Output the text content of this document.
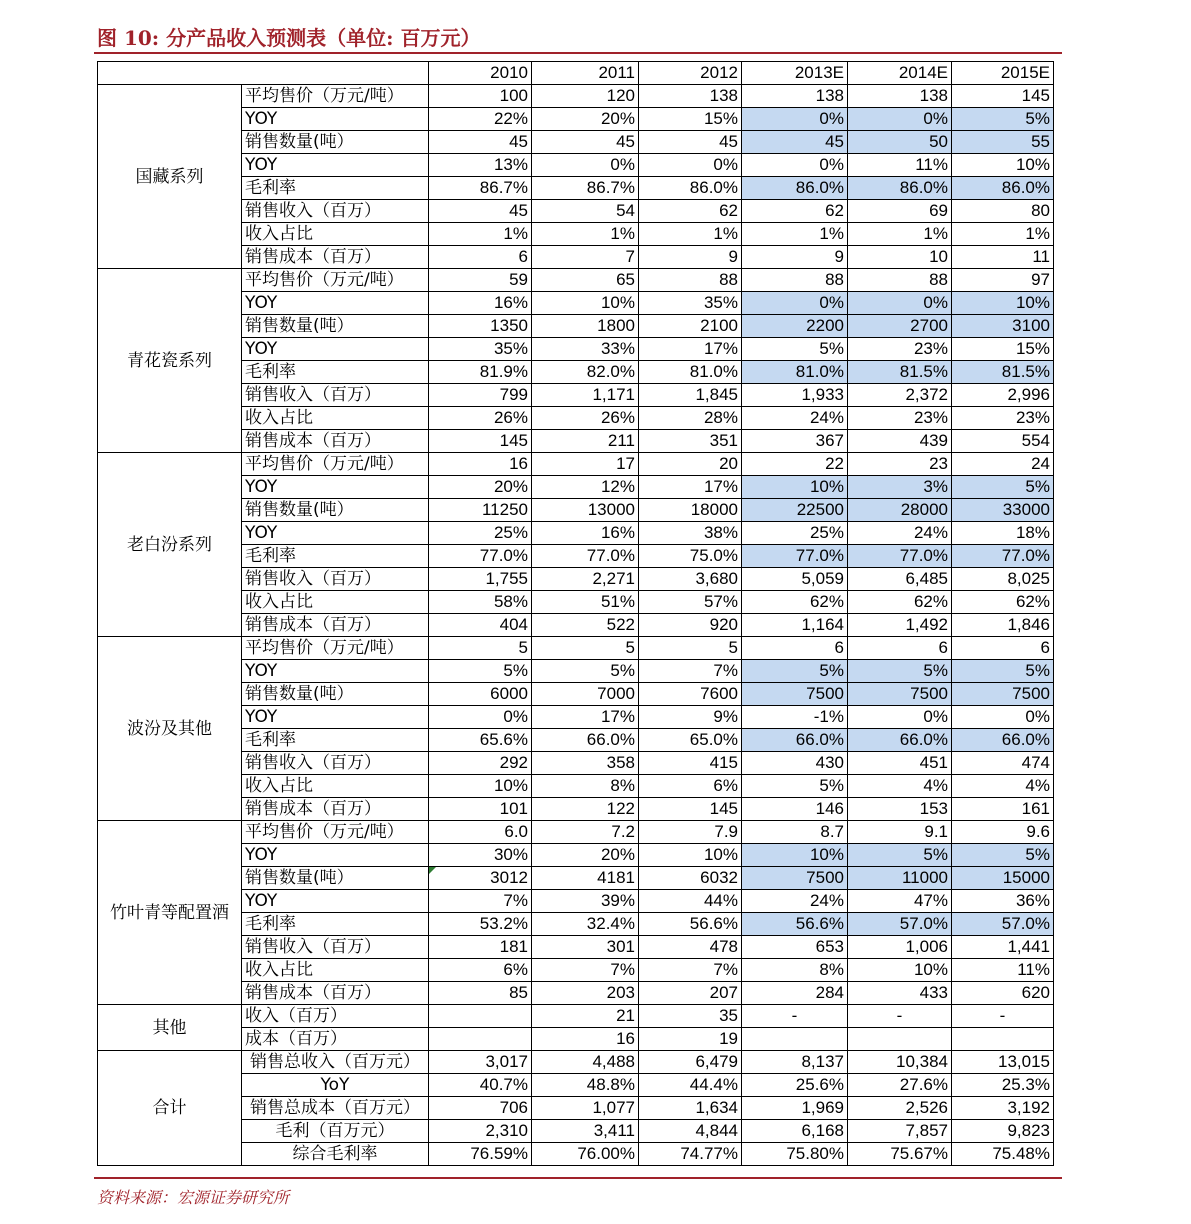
图 10: 分产品收入预测表（单位: 百万元）
		2010	2011	2012	2013E	2014E	2015E
国藏系列	平均售价（万元/吨）	100	120	138	138	138	145
	YOY	22%	20%	15%	0%	0%	5%
	销售数量(吨）	45	45	45	45	50	55
	YOY	13%	0%	0%	0%	11%	10%
	毛利率	86.7%	86.7%	86.0%	86.0%	86.0%	86.0%
	销售收入（百万）	45	54	62	62	69	80
	收入占比	1%	1%	1%	1%	1%	1%
	销售成本（百万）	6	7	9	9	10	11
青花瓷系列	平均售价（万元/吨）	59	65	88	88	88	97
	YOY	16%	10%	35%	0%	0%	10%
	销售数量(吨）	1350	1800	2100	2200	2700	3100
	YOY	35%	33%	17%	5%	23%	15%
	毛利率	81.9%	82.0%	81.0%	81.0%	81.5%	81.5%
	销售收入（百万）	799	1,171	1,845	1,933	2,372	2,996
	收入占比	26%	26%	28%	24%	23%	23%
	销售成本（百万）	145	211	351	367	439	554
老白汾系列	平均售价（万元/吨）	16	17	20	22	23	24
	YOY	20%	12%	17%	10%	3%	5%
	销售数量(吨）	11250	13000	18000	22500	28000	33000
	YOY	25%	16%	38%	25%	24%	18%
	毛利率	77.0%	77.0%	75.0%	77.0%	77.0%	77.0%
	销售收入（百万）	1,755	2,271	3,680	5,059	6,485	8,025
	收入占比	58%	51%	57%	62%	62%	62%
	销售成本（百万）	404	522	920	1,164	1,492	1,846
波汾及其他	平均售价（万元/吨）	5	5	5	6	6	6
	YOY	5%	5%	7%	5%	5%	5%
	销售数量(吨）	6000	7000	7600	7500	7500	7500
	YOY	0%	17%	9%	-1%	0%	0%
	毛利率	65.6%	66.0%	65.0%	66.0%	66.0%	66.0%
	销售收入（百万）	292	358	415	430	451	474
	收入占比	10%	8%	6%	5%	4%	4%
	销售成本（百万）	101	122	145	146	153	161
竹叶青等配置酒	平均售价（万元/吨）	6.0	7.2	7.9	8.7	9.1	9.6
	YOY	30%	20%	10%	10%	5%	5%
	销售数量(吨）	3012	4181	6032	7500	11000	15000
	YOY	7%	39%	44%	24%	47%	36%
	毛利率	53.2%	32.4%	56.6%	56.6%	57.0%	57.0%
	销售收入（百万）	181	301	478	653	1,006	1,441
	收入占比	6%	7%	7%	8%	10%	11%
	销售成本（百万）	85	203	207	284	433	620
其他	收入（百万）		21	35	-	-	-
	成本（百万）		16	19			
合计	销售总收入（百万元）	3,017	4,488	6,479	8,137	10,384	13,015
	YoY	40.7%	48.8%	44.4%	25.6%	27.6%	25.3%
	销售总成本（百万元）	706	1,077	1,634	1,969	2,526	3,192
	毛利（百万元）	2,310	3,411	4,844	6,168	7,857	9,823
	综合毛利率	76.59%	76.00%	74.77%	75.80%	75.67%	75.48%
资料来源：宏源证券研究所
